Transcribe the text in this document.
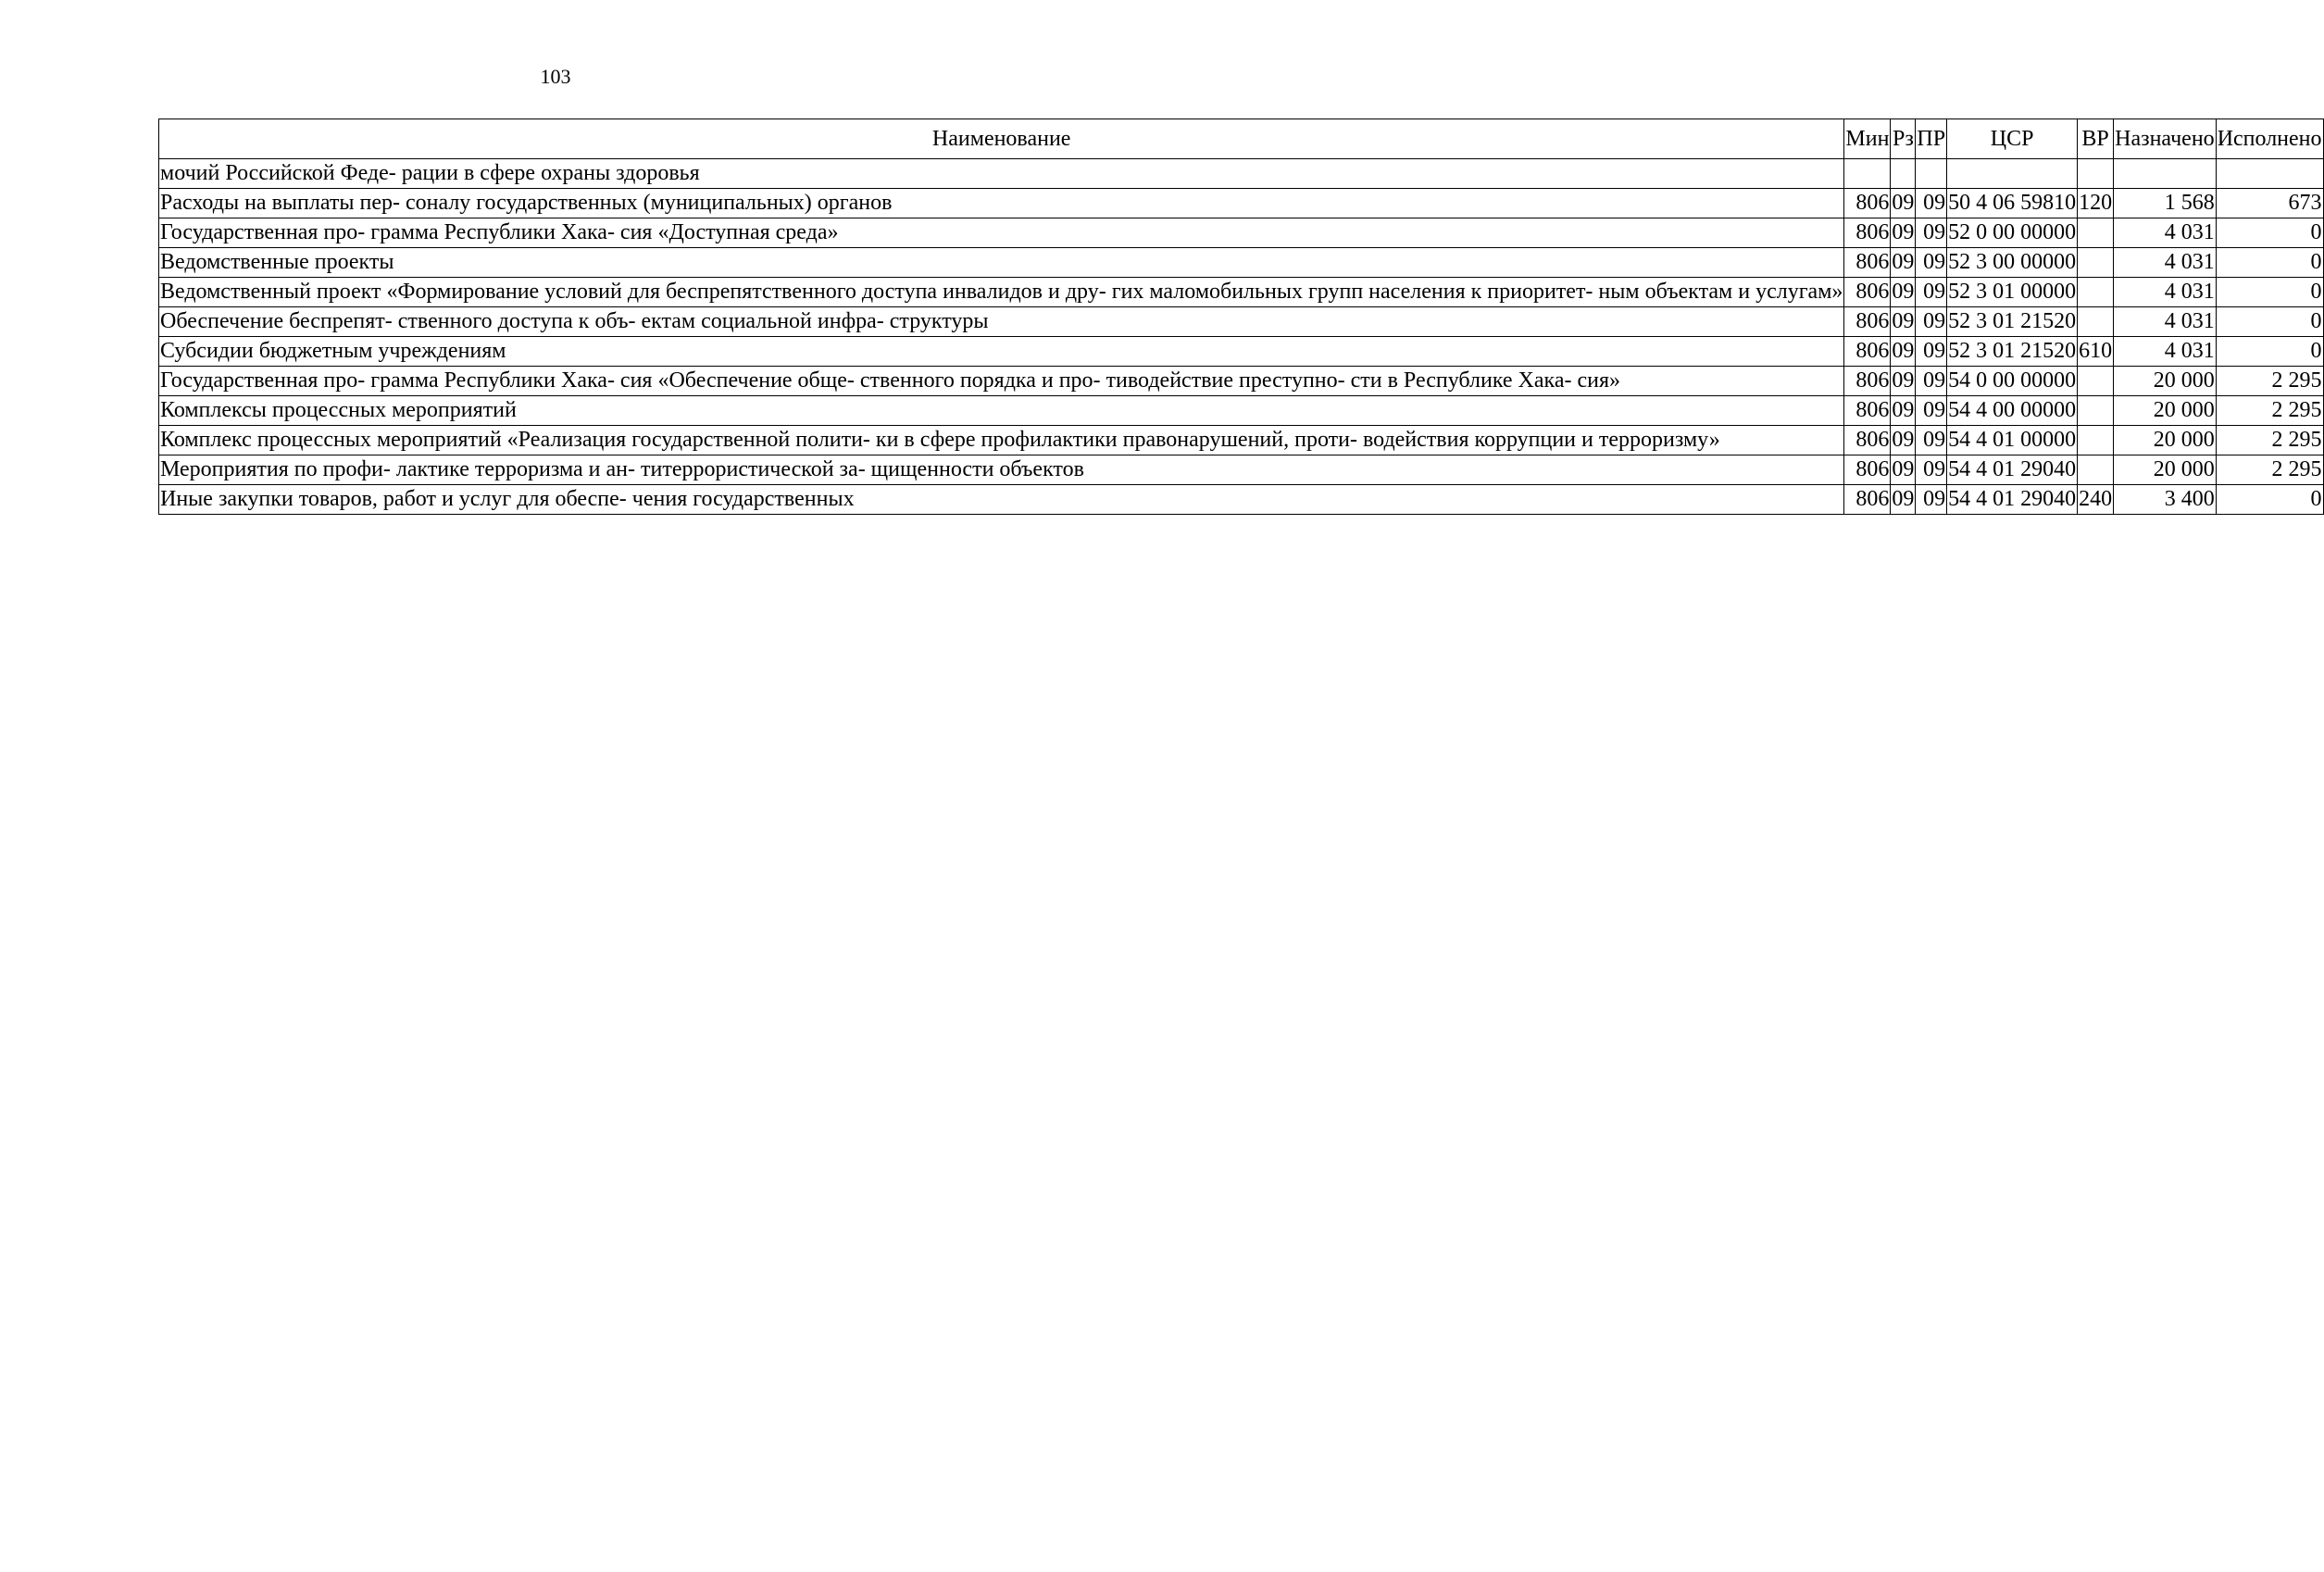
103
Наименование	Мин	Рз	ПР	ЦСР	ВР	Назначено	Исполнено
мочий Российской Феде- рации в сфере охраны здоровья							
Расходы на выплаты пер- соналу государственных (муниципальных) органов	806	09	09	50 4 06 59810	120	1 568	673
Государственная про- грамма Республики Хака- сия «Доступная среда»	806	09	09	52 0 00 00000		4 031	0
Ведомственные проекты	806	09	09	52 3 00 00000		4 031	0
Ведомственный проект «Формирование условий для беспрепятственного доступа инвалидов и дру- гих маломобильных групп населения к приоритет- ным объектам и услугам»	806	09	09	52 3 01 00000		4 031	0
Обеспечение беспрепят- ственного доступа к объ- ектам социальной инфра- структуры	806	09	09	52 3 01 21520		4 031	0
Субсидии бюджетным учреждениям	806	09	09	52 3 01 21520	610	4 031	0
Государственная про- грамма Республики Хака- сия «Обеспечение обще- ственного порядка и про- тиводействие преступно- сти в Республике Хака- сия»	806	09	09	54 0 00 00000		20 000	2 295
Комплексы процессных мероприятий	806	09	09	54 4 00 00000		20 000	2 295
Комплекс процессных мероприятий «Реализация государственной полити- ки в сфере профилактики правонарушений, проти- водействия коррупции и терроризму»	806	09	09	54 4 01 00000		20 000	2 295
Мероприятия по профи- лактике терроризма и ан- титеррористической за- щищенности объектов	806	09	09	54 4 01 29040		20 000	2 295
Иные закупки товаров, работ и услуг для обеспе- чения государственных	806	09	09	54 4 01 29040	240	3 400	0
